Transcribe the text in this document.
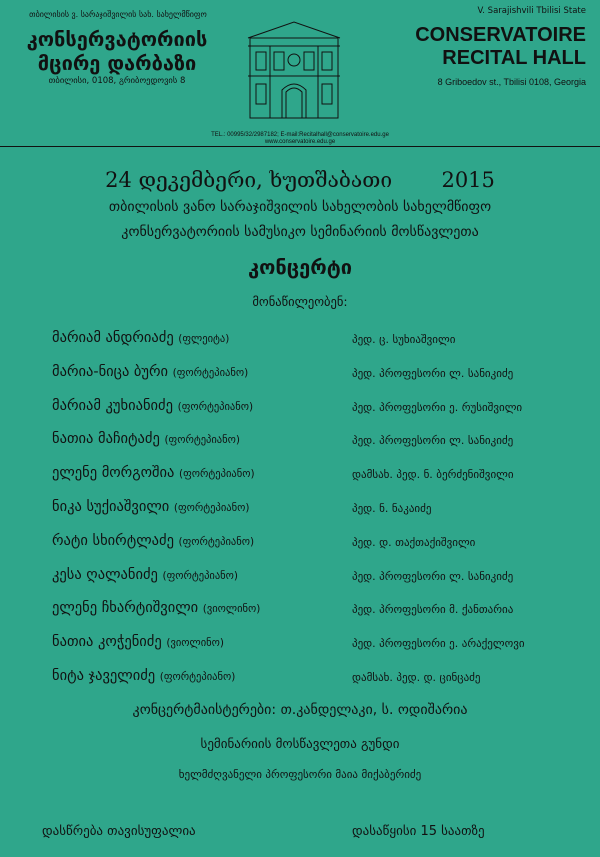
თბილისის ვ. სარაჯიშვილის სახ. სახელმწიფო
კონსერვატორიის
მცირე დარბაზი
თბილისი, 0108, გრიბოედოვის 8
V. Sarajishvili Tbilisi State
CONSERVATOIRE
RECITAL HALL
8 Griboedov st., Tbilisi 0108, Georgia
TEL.: 00995/32/2987182; E-mail:Recitalhall@conservatoire.edu.ge
www.conservatoire.edu.ge
24 დეკემბერი, ხუთშაბათი 2015
თბილისის ვანო სარაჯიშვილის სახელობის სახელმწიფო
კონსერვატორიის სამუსიკო სემინარიის მოსწავლეთა
კონცერტი
მონაწილეობენ:
მარიამ ანდრიაძე (ფლეიტა)	პედ. ც. სუხიაშვილი
მარია-ნიცა ბური (ფორტეპიანო)	პედ. პროფესორი ლ. სანიკიძე
მარიამ კუხიანიძე (ფორტეპიანო)	პედ. პროფესორი ე. რუსიშვილი
ნათია მაჩიტაძე (ფორტეპიანო)	პედ. პროფესორი ლ. სანიკიძე
ელენე მორგოშია (ფორტეპიანო)	დამსახ. პედ. ნ. ბერძენიშვილი
ნიკა სუქიაშვილი (ფორტეპიანო)	პედ. ნ. ნაკაიძე
რატი სხირტლაძე (ფორტეპიანო)	პედ. დ. თაქთაქიშვილი
კესა ღალანიძე (ფორტეპიანო)	პედ. პროფესორი ლ. სანიკიძე
ელენე ჩხარტიშვილი (ვიოლინო)	პედ. პროფესორი მ. ქანთარია
ნათია კოჭენიძე (ვიოლინო)	პედ. პროფესორი ე. არაქელოვი
ნიტა ჯაველიძე (ფორტეპიანო)	დამსახ. პედ. დ. ცინცაძე
კონცერტმაისტერები: თ.კანდელაკი, ს. ოდიშარია
სემინარიის მოსწავლეთა გუნდი
ხელმძღვანელი პროფესორი მაია მიქაბერიძე
დასწრება თავისუფალია	დასაწყისი 15 საათზე
